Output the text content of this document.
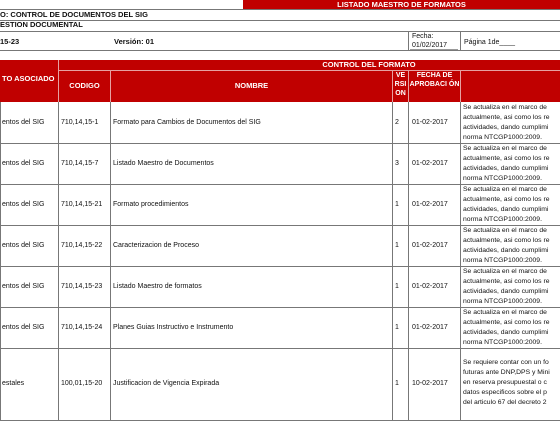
LISTADO MAESTRO DE FORMATOS
O: CONTROL DE DOCUMENTOS DEL SIG
ESTION DOCUMENTAL
15-23	Versión: 01
Fecha:
01/02/2017 Página 1de____
CONTROL DEL FORMATO
TO ASOCIADO
CODIGO	NOMBRE
VE RSI ON
FECHA DE APROBACI ÓN
entos del SIG	710,14,15-1	Formato para Cambios de Documentos del SIG	2	01-02-2017
Se actualiza en el marco de
actualmente, asi como los re
actividades, dando cumplimi
norma NTCGP1000:2009.
entos del SIG	710,14,15-7	Listado Maestro de Documentos	3	01-02-2017
Se actualiza en el marco de
actualmente, asi como los re
actividades, dando cumplimi
norma NTCGP1000:2009.
entos del SIG	710,14,15-21	Formato procedimientos	1	01-02-2017
Se actualiza en el marco de
actualmente, asi como los re
actividades, dando cumplimi
norma NTCGP1000:2009.
entos del SIG	710,14,15-22	Caracterizacion de Proceso	1	01-02-2017
Se actualiza en el marco de
actualmente, asi como los re
actividades, dando cumplimi
norma NTCGP1000:2009.
entos del SIG	710,14,15-23	Listado Maestro de formatos	1	01-02-2017
Se actualiza en el marco de
actualmente, asi como los re
actividades, dando cumplimi
norma NTCGP1000:2009.
entos del SIG	710,14,15-24	Planes Guias Instructivo e Instrumento	1	01-02-2017
Se actualiza en el marco de
actualmente, asi como los re
actividades, dando cumplimi
norma NTCGP1000:2009.
estales	100,01,15-20	Justificacion de Vigencia Expirada	1	10-02-2017
Se requiere contar con un fo
futuras ante DNP,DPS y Mini
en reserva presupuestal o c
datos especificos sobre el p
del articulo 67 del decreto 2
